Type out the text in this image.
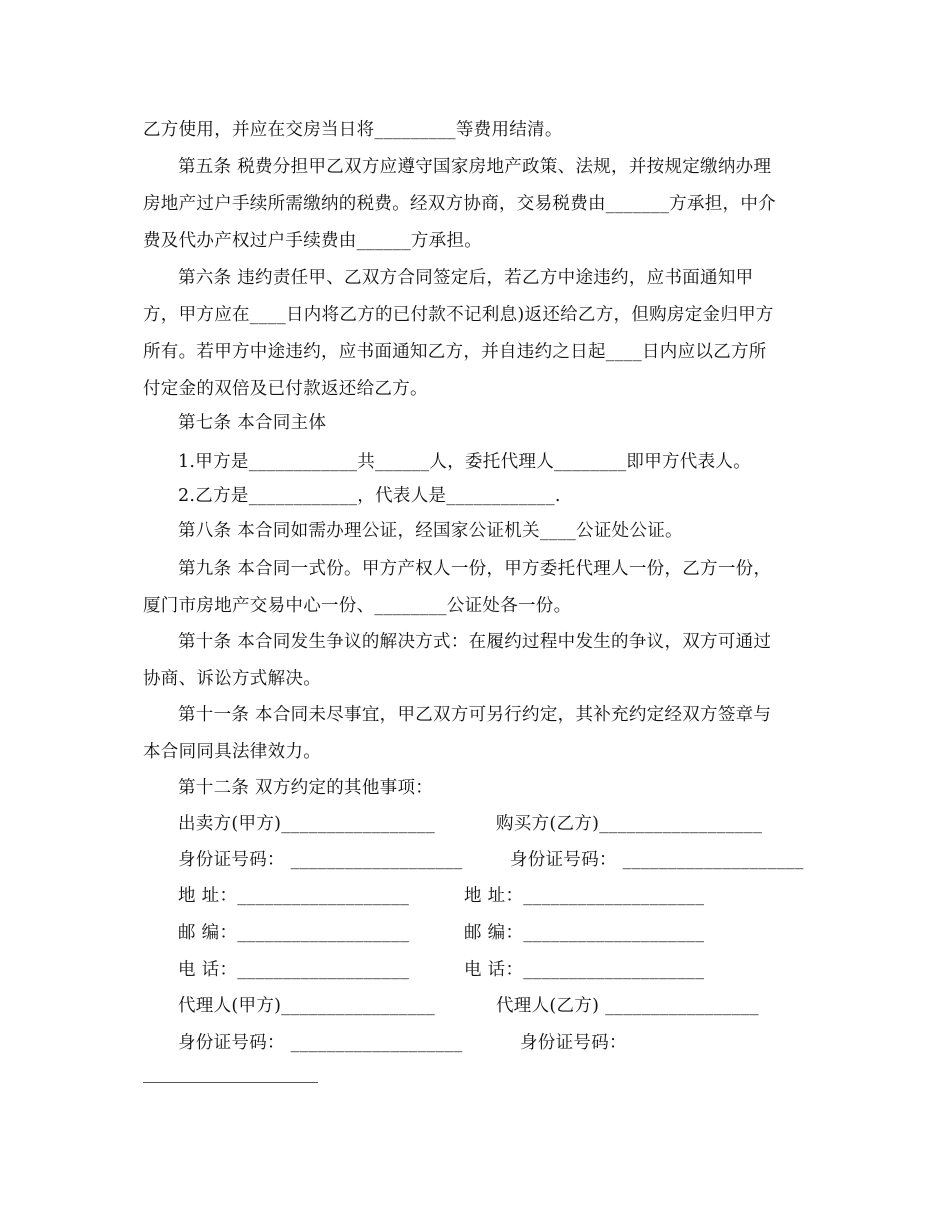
乙方使用，并应在交房当日将_________等费用结清。
第五条 税费分担甲乙双方应遵守国家房地产政策、法规，并按规定缴纳办理
房地产过户手续所需缴纳的税费。经双方协商，交易税费由_______方承担，中介
费及代办产权过户手续费由______方承担。
第六条 违约责任甲、乙双方合同签定后，若乙方中途违约，应书面通知甲
方，甲方应在____日内将乙方的已付款不记利息)返还给乙方，但购房定金归甲方
所有。若甲方中途违约，应书面通知乙方，并自违约之日起____日内应以乙方所
付定金的双倍及已付款返还给乙方。
第七条 本合同主体
1.甲方是____________共______人，委托代理人________即甲方代表人。
2.乙方是____________，代表人是____________.
第八条 本合同如需办理公证，经国家公证机关____公证处公证。
第九条 本合同一式份。甲方产权人一份，甲方委托代理人一份，乙方一份，
厦门市房地产交易中心一份、________公证处各一份。
第十条 本合同发生争议的解决方式：在履约过程中发生的争议，双方可通过
协商、诉讼方式解决。
第十一条 本合同未尽事宜，甲乙双方可另行约定，其补充约定经双方签章与
本合同同具法律效力。
第十二条 双方约定的其他事项：
出卖方(甲方)_________________	购买方(乙方)__________________
身份证号码： ___________________	身份证号码： ____________________
地 址：___________________	地 址：____________________
邮 编：___________________	邮 编：____________________
电 话：___________________	电 话：____________________
代理人(甲方)_________________	代理人(乙方) _________________
身份证号码： ___________________	身份证号码：
